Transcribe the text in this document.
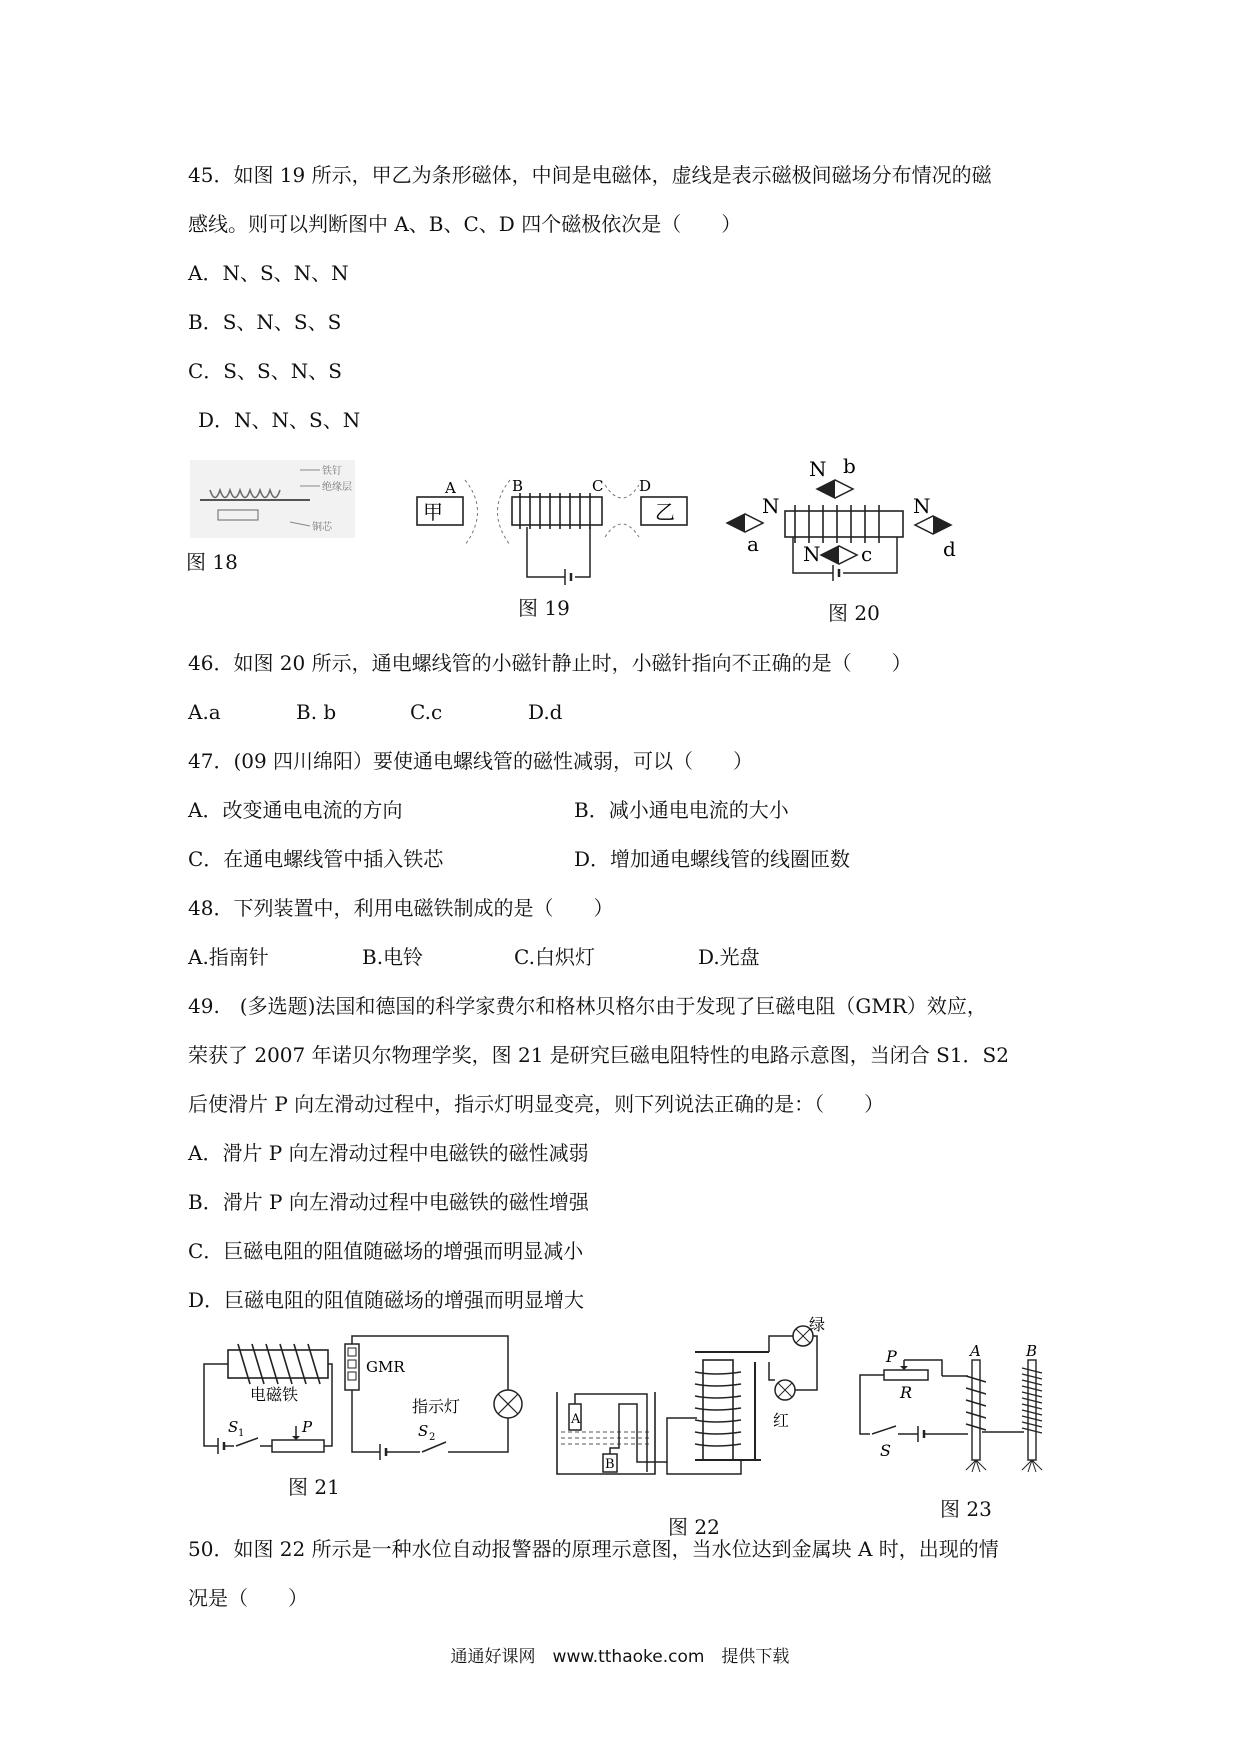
45．如图 19 所示，甲乙为条形磁体，中间是电磁体，虚线是表示磁极间磁场分布情况的磁
感线。则可以判断图中 A、B、C、D 四个磁极依次是（　　）
A．N、S、N、N
B．S、N、S、S
C．S、S、N、S
D．N、N、S、N
铁钉
绝缘层
铜芯
图 18
甲	乙
A	B	C D
图 19
N b
N
a
N
d
N c
图 20
46．如图 20 所示，通电螺线管的小磁针静止时，小磁针指向不正确的是（　　）
A.a	B. b	C.c	D.d
47．(09 四川绵阳）要使通电螺线管的磁性减弱，可以（　　）
A．改变通电电流的方向	B．减小通电电流的大小
C．在通电螺线管中插入铁芯	D．增加通电螺线管的线圈匝数
48．下列装置中，利用电磁铁制成的是（　　）
A.指南针	B.电铃	C.白炽灯	D.光盘
49.　(多选题)法国和德国的科学家费尔和格林贝格尔由于发现了巨磁电阻（GMR）效应，
荣获了 2007 年诺贝尔物理学奖，图 21 是研究巨磁电阻特性的电路示意图，当闭合 S1．S2
后使滑片 P 向左滑动过程中，指示灯明显变亮，则下列说法正确的是：（　　）
A．滑片 P 向左滑动过程中电磁铁的磁性减弱
B．滑片 P 向左滑动过程中电磁铁的磁性增强
C．巨磁电阻的阻值随磁场的增强而明显减小
D．巨磁电阻的阻值随磁场的增强而明显增大
电磁铁
GMR
指示灯
S 2
S 1	P
图 21
A
B
绿
红
图 22
P
R
S
A	B
图 23
50．如图 22 所示是一种水位自动报警器的原理示意图，当水位达到金属块 A 时，出现的情
况是（　　）
通通好课网　www.tthaoke.com　提供下载
